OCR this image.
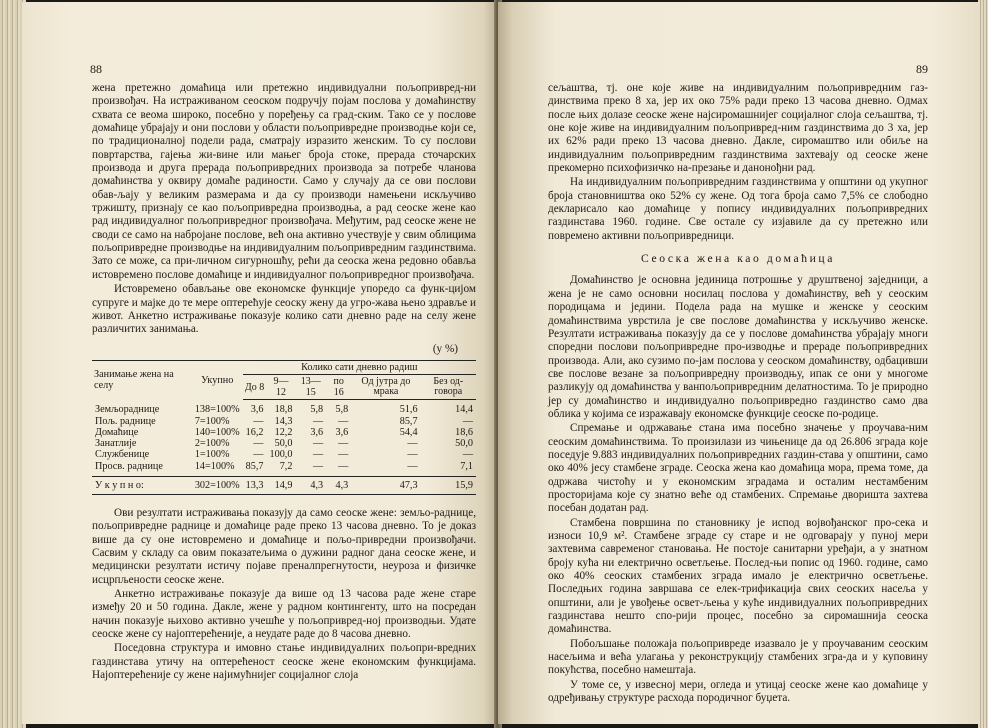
88

жена претежно домаћица или претежно индивидуални пољопривред-ни произвођач. На истраживаном сеоском подручју појам послова у домаћинству схвата се веома широко, посебно у поређењу са град-ским. Тако се у послове домаћице убрајају и они послови у области пољопривредне производње који се, по традиционалној подели рада, сматрају изразито женским. То су послови повртарства, гајења жи-вине или мањег броја стоке, прерада сточарских производа и друга прерада пољопривредних производа за потребе чланова домаћинства у оквиру домаће радиности. Само у случају да се ови послови обав-љају у великим размерама и да су производи намењени искључиво тржишту, признају се као пољопривредна производња, а рад сеоске жене као рад индивидуалног пољопривредног произвођача. Међутим, рад сеоске жене не своди се само на набројане послове, већ она активно учествује у свим облицима пољопривредне производње на индивидуалним пољопривредним газдинствима. Зато се може, са при-личном сигурношћу, рећи да сеоска жена редовно обавља истовремено послове домаћице и индивидуалног пољопривредног произвођача.

Истовремено обављање ове економске функције упоредо са функ-цијом супруге и мајке до те мере оптерећује сеоску жену да угро-жава њено здравље и живот. Анкетно истраживање показује колико сати дневно раде на селу жене различитих занимања.

(у %)
Занимање жена на селу	Укупно	Колико сати дневно радиш					
		До 8	9—12	13—15	по 16	Од јутра до мрака	Без од-говора
Земљораднице	138=100%	3,6	18,8	5,8	5,8	51,6	14,4
Пољ. раднице	7=100%	—	14,3	—	—	85,7	—
Домаћице	140=100%	16,2	12,2	3,6	3,6	54,4	18,6
Занатлије	2=100%	—	50,0	—	—	—	50,0
Службенице	1=100%	—	100,0	—	—	—	—
Просв. раднице	14=100%	85,7	7,2	—	—	—	7,1
У к у п н о:	302=100%	13,3	14,9	4,3	4,3	47,3	15,9

Ови резултати истраживања показују да само сеоске жене: земљо-раднице, пољопривредне раднице и домаћице раде преко 13 часова дневно. То је доказ више да су оне истовремено и домаћице и пољо-привредни произвођачи. Сасвим у складу са овим показатељима о дужини радног дана сеоске жене, и медицински резултати истичу појаве преналпрегнутости, неуроза и физичке исцрпљености сеоске жене.

Анкетно истраживање показује да више од 13 часова раде жене старе између 20 и 50 година. Дакле, жене у радном контингенту, што на посредан начин показује њихово активно учешће у пољопривред-ној производњи. Удате сеоске жене су најоптерећеније, а неудате раде до 8 часова дневно.

Поседовна структура и имовно стање индивидуалних пољопри-вредних газдинстава утичу на оптерећеност сеоске жене економским функцијама. Најоптерећеније су жене најимућнијег социјалног слоја

89

сељаштва, тј. оне које живе на индивидуалним пољопривредним газ-динствима преко 8 ха, јер их око 75% ради преко 13 часова дневно. Одмах после њих долазе сеоске жене најсиромашнијег социјалног слоја сељаштва, тј. оне које живе на индивидуалним пољопривред-ним газдинствима до 3 ха, јер их 62% ради преко 13 часова дневно. Дакле, сиромаштво или обиље на индивидуалним пољопривредним газдинствима захтевају од сеоске жене прекомерно психофизичко на-презање и данонођни рад.

На индивидуалним пољопривредним газдинствима у општини од укупног броја становништва око 52% су жене. Од тога броја само 7,5% се слободно декларисало као домаћице у попису индивидуалних пољопривредних газдинстава 1960. године. Све остале су изјавиле да су претежно или повремено активни пољопривредници.

Сеоска жена као домаћица

Домаћинство је основна јединица потрошње у друштвеној заједници, а жена је не само основни носилац послова у домаћинству, већ у сеоским породицама и једини. Подела рада на мушке и женске у сеоским домаћинствима уврстила је све послове домаћинства у искључиво женске. Резултати истраживања показују да се у послове домаћинства убрајају многи споредни послови пољопривредне про-изводње и прераде пољопривредних производа. Али, ако сузимо по-јам послова у сеоском домаћинству, одбацивши све послове везане за пољопривредну производњу, ипак се они у многоме разликују од домаћинства у ванпољопривредним делатностима. То је природно јер су домаћинство и индивидуално пољопривредно газдинство само два облика у којима се изражавају економске функције сеоске по-родице.

Спремање и одржавање стана има посебно значење у проучава-ним сеоским домаћинствима. То произилази из чињенице да од 26.806 зграда које поседује 9.883 индивидуалних пољопривредних газдин-става у општини, само око 40% јесу стамбене зграде. Сеоска жена као домаћица мора, према томе, да одржава чистоћу и у економским зградама и осталим нестамбеним просторијама које су знатно веће од стамбених. Спремање дворишта захтева посебан додатан рад.

Стамбена површина по становнику је испод војвођанског про-сека и износи 10,9 м². Стамбене зграде су старе и не одговарају у пуној мери захтевима савременог становања. Не постоје санитарни уређаји, а у знатном броју кућа ни електрично осветљење. Послед-њи попис од 1960. године, само око 40% сеоских стамбених зграда имало је електрично осветљење. Последњих година завршава се елек-трификација свих сеоских насеља у општини, али је увођење освет-љења у куће индивидуалних пољопривредних газдинстава нешто спо-рији процес, посебно за сиромашнија сеоска домаћинства.

Побољшање положаја пољопривреде изазвало је у проучаваним сеоским насељима и већа улагања у реконструкцију стамбених згра-да и у куповину покућства, посебно намештаја.

У томе се, у извесној мери, огледа и утицај сеоске жене као домаћице у одређивању структуре расхода породичног буџета.
